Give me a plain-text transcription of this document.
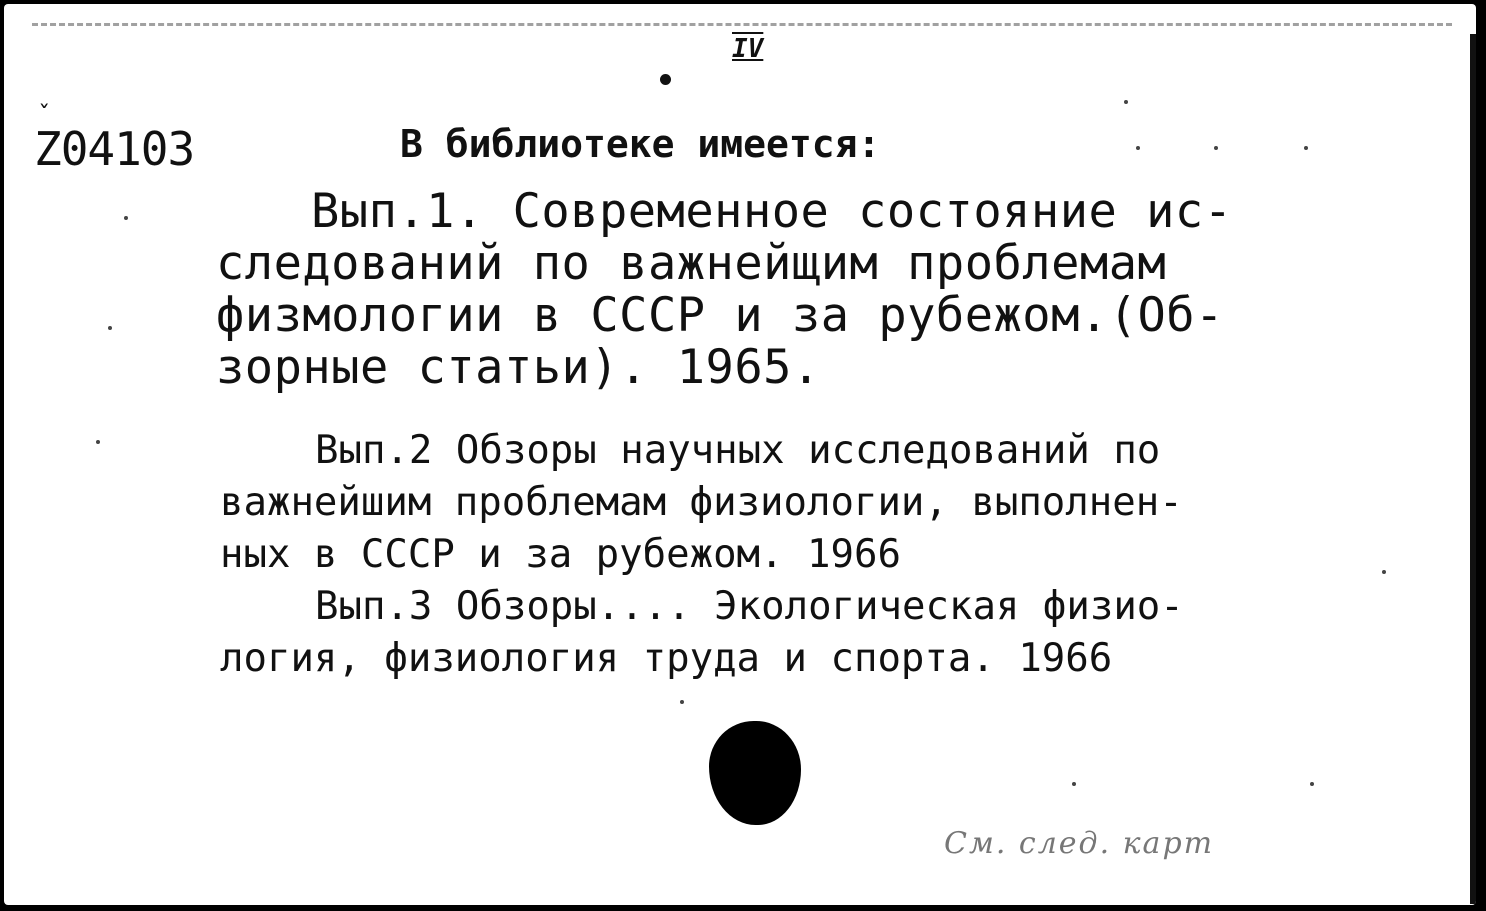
IV
ˇ
Z04103	В библиотеке имеется:
Вып.1. Современное состояние ис-
следований по важнейщим проблемам
физмологии в СССР и за рубежом.(Об-
зорные статьи). 1965.
Вып.2 Обзоры научных исследований по
важнейшим проблемам физиологии, выполнен-
ных в СССР и за рубежом. 1966
Вып.3 Обзоры.... Экологическая физио-
логия, физиология труда и спорта. 1966
См. след. карт
